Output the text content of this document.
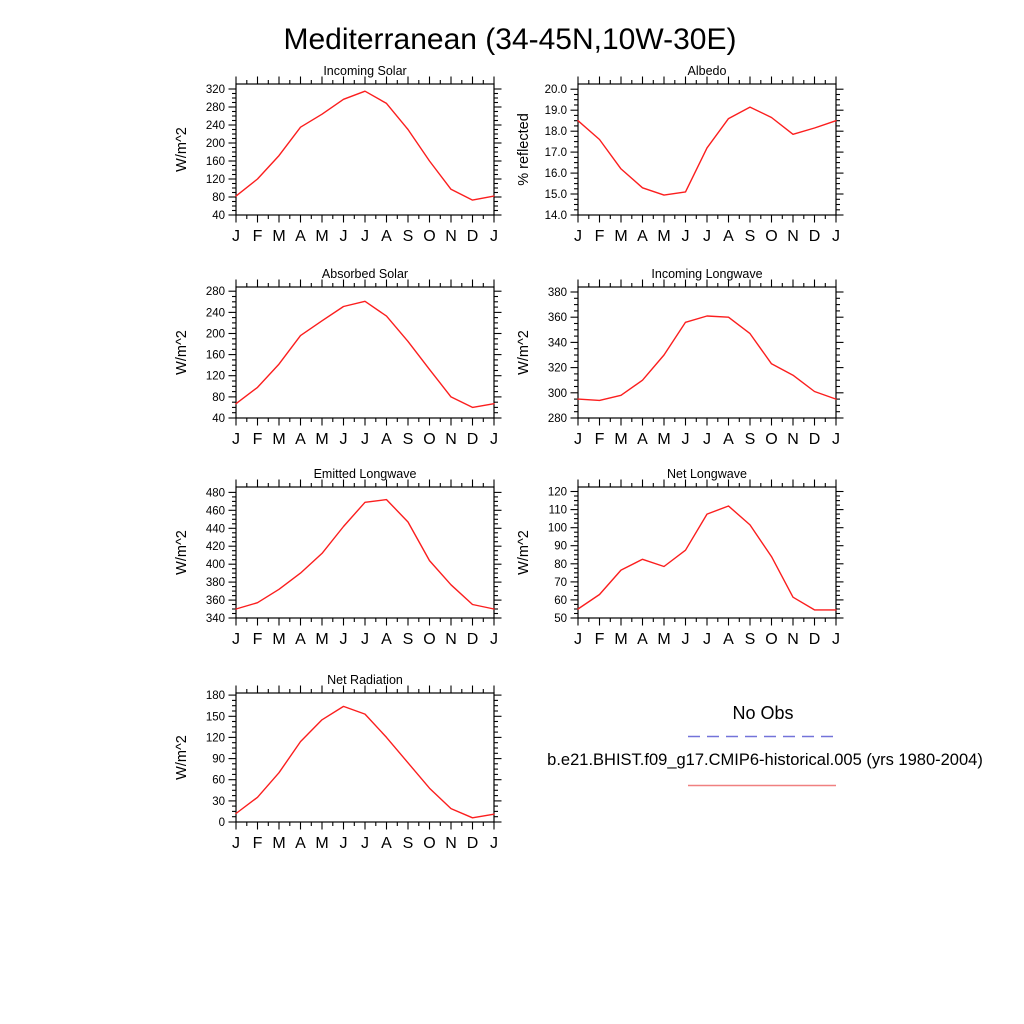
Mediterranean (34-45N,10W-30E)
Incoming Solar
40
80
120
160
200
240
280
320
J F M A M J J A S O N D J
W/m^2
Albedo
14.0
15.0
16.0
17.0
18.0
19.0
20.0
J F M A M J J A S O N D J
% reflected
Absorbed Solar
40
80
120
160
200
240
280
J F M A M J J A S O N D J
W/m^2
Incoming Longwave
280
300
320
340
360
380
J F M A M J J A S O N D J
W/m^2
Emitted Longwave
340
360
380
400
420
440
460
480
J F M A M J J A S O N D J
W/m^2
Net Longwave
50
60
70
80
90
100
110
120
J F M A M J J A S O N D J
W/m^2
Net Radiation
0
30
60
90
120
150
180
J F M A M J J A S O N D J
W/m^2
No Obs
b.e21.BHIST.f09_g17.CMIP6-historical.005 (yrs 1980-2004)
